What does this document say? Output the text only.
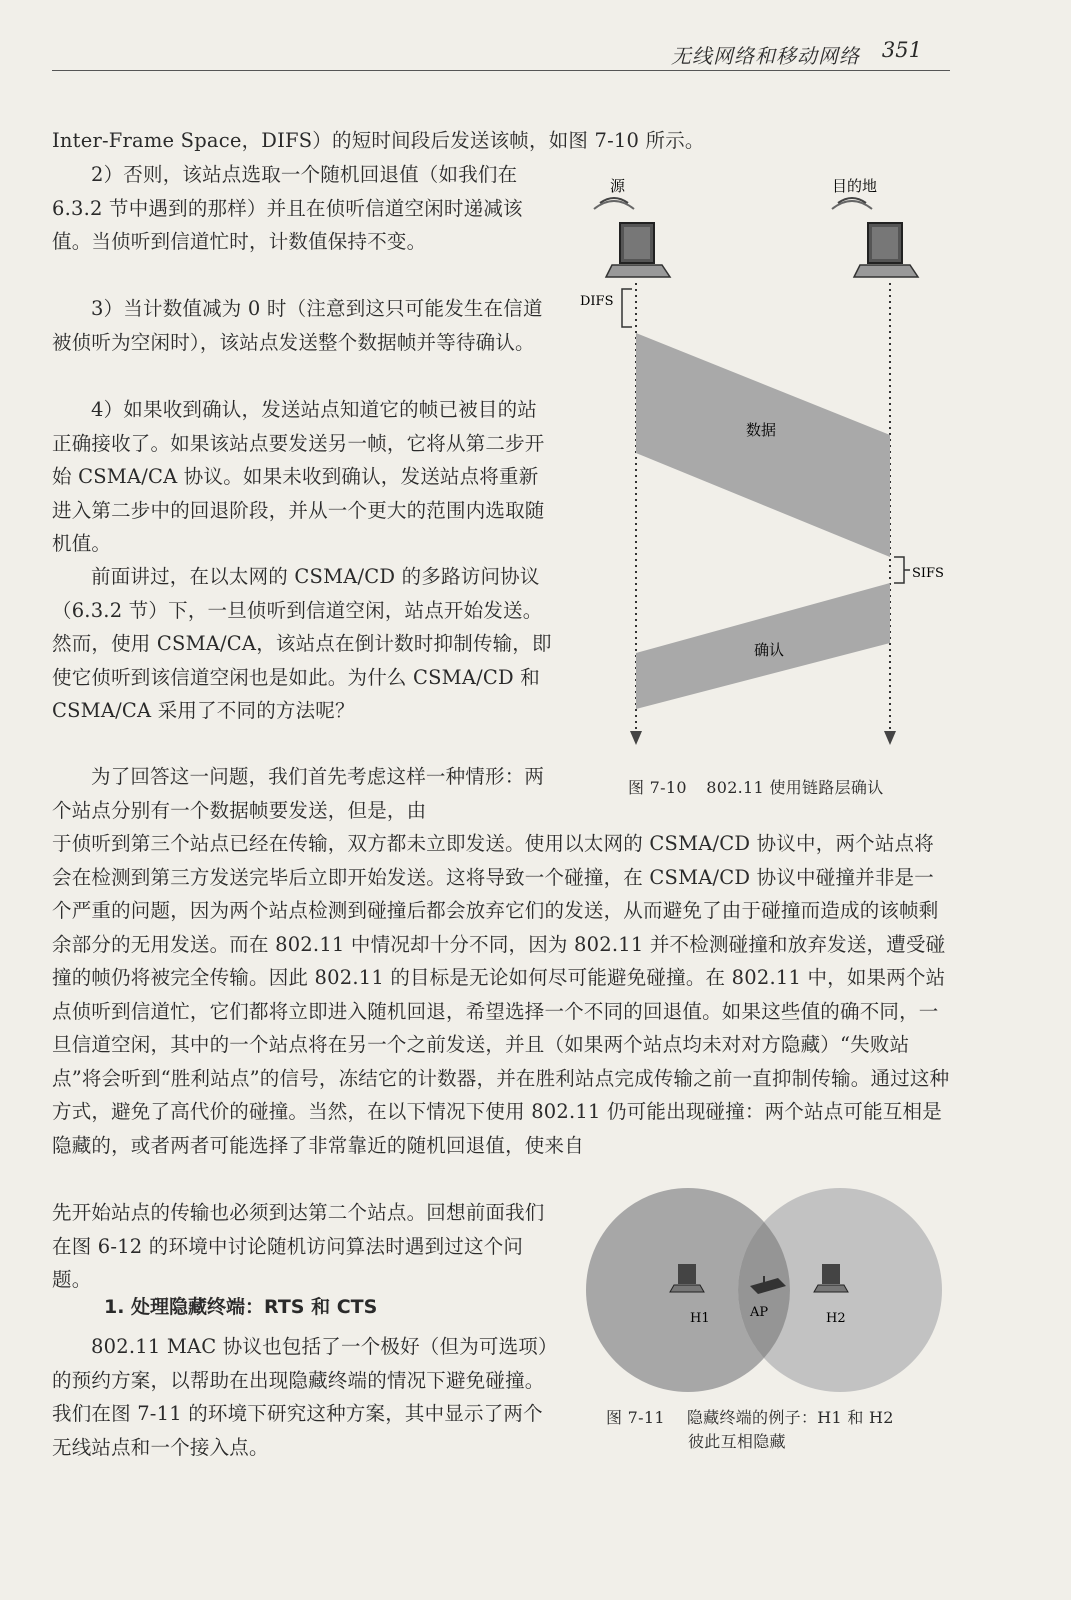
无线网络和移动网络 351

Inter-Frame Space，DIFS）的短时间段后发送该帧，如图 7-10 所示。

2）否则，该站点选取一个随机回退值（如我们在 6.3.2 节中遇到的那样）并且在侦听信道空闲时递减该值。当侦听到信道忙时，计数值保持不变。

3）当计数值减为 0 时（注意到这只可能发生在信道被侦听为空闲时），该站点发送整个数据帧并等待确认。

4）如果收到确认，发送站点知道它的帧已被目的站正确接收了。如果该站点要发送另一帧，它将从第二步开始 CSMA/CA 协议。如果未收到确认，发送站点将重新进入第二步中的回退阶段，并从一个更大的范围内选取随机值。

前面讲过，在以太网的 CSMA/CD 的多路访问协议（6.3.2 节）下，一旦侦听到信道空闲，站点开始发送。然而，使用 CSMA/CA，该站点在倒计数时抑制传输，即使它侦听到该信道空闲也是如此。为什么 CSMA/CD 和 CSMA/CA 采用了不同的方法呢？

为了回答这一问题，我们首先考虑这样一种情形：两个站点分别有一个数据帧要发送，但是，由

于侦听到第三个站点已经在传输，双方都未立即发送。使用以太网的 CSMA/CD 协议中，两个站点将会在检测到第三方发送完毕后立即开始发送。这将导致一个碰撞，在 CSMA/CD 协议中碰撞并非是一个严重的问题，因为两个站点检测到碰撞后都会放弃它们的发送，从而避免了由于碰撞而造成的该帧剩余部分的无用发送。而在 802.11 中情况却十分不同，因为 802.11 并不检测碰撞和放弃发送，遭受碰撞的帧仍将被完全传输。因此 802.11 的目标是无论如何尽可能避免碰撞。在 802.11 中，如果两个站点侦听到信道忙，它们都将立即进入随机回退，希望选择一个不同的回退值。如果这些值的确不同，一旦信道空闲，其中的一个站点将在另一个之前发送，并且（如果两个站点均未对对方隐藏）“失败站点”将会听到“胜利站点”的信号，冻结它的计数器，并在胜利站点完成传输之前一直抑制传输。通过这种方式，避免了高代价的碰撞。当然，在以下情况下使用 802.11 仍可能出现碰撞：两个站点可能互相是隐藏的，或者两者可能选择了非常靠近的随机回退值，使来自

先开始站点的传输也必须到达第二个站点。回想前面我们在图 6-12 的环境中讨论随机访问算法时遇到过这个问题。

1. 处理隐藏终端：RTS 和 CTS

802.11 MAC 协议也包括了一个极好（但为可选项）的预约方案，以帮助在出现隐藏终端的情况下避免碰撞。我们在图 7-11 的环境下研究这种方案，其中显示了两个无线站点和一个接入点。

源	目的地
DIFS
数据
SIFS
确认
图 7-10 802.11 使用链路层确认
H1	AP	H2
图 7-11 隐藏终端的例子：H1 和 H2
彼此互相隐藏
